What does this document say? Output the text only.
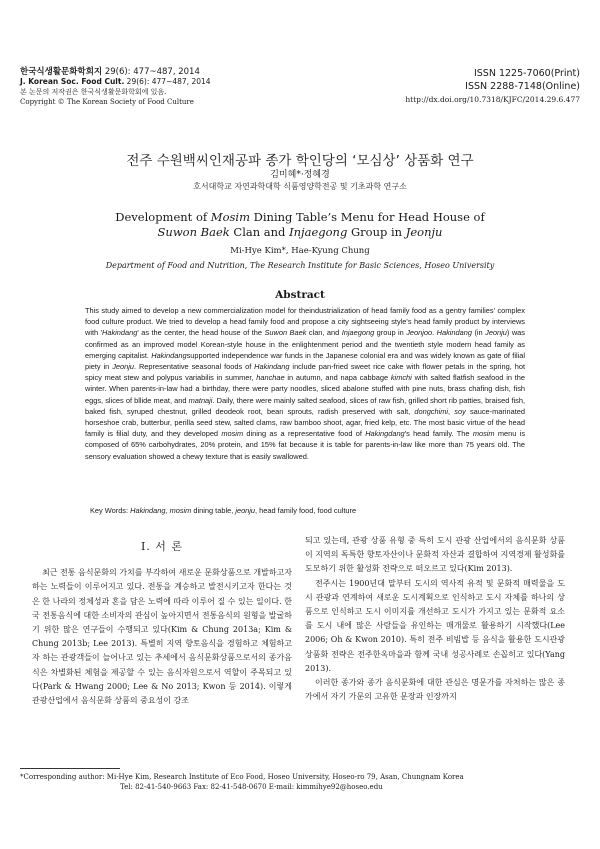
한국식생활문화학회지 29(6): 477~487, 2014
J. Korean Soc. Food Cult. 29(6): 477~487, 2014
본 논문의 저작권은 한국식생활문화학회에 있음.
Copyright © The Korean Society of Food Culture
ISSN 1225-7060(Print)
ISSN 2288-7148(Online)
http://dx.doi.org/10.7318/KJFC/2014.29.6.477
전주 수원백씨인재공파 종가 학인당의 ‘모심상’ 상품화 연구
김미혜*·정혜경
호서대학교 자연과학대학 식품영양학전공 및 기초과학 연구소
Development of Mosim Dining Table’s Menu for Head House of
Suwon Baek Clan and Injaegong Group in Jeonju
Mi-Hye Kim*, Hae-Kyung Chung
Department of Food and Nutrition, The Research Institute for Basic Sciences, Hoseo University
Abstract

This study aimed to develop a new commercialization model for theindustrialization of head family food as a gentry families' complex food culture product. We tried to develop a head family food and propose a city sightseeing style's head family product by interviews with 'Hakindang' as the center, the head house of the Suwon Baek clan, and Injaegong group in Jeonjoo. Hakindang (in Jeonju) was confirmed as an improved model Korean-style house in the enlightenment period and the twentieth style modern head family as emerging capitalist. Hakindangsupported independence war funds in the Japanese colonial era and was widely known as gate of filial piety in Jeonju. Representative seasonal foods of Hakindang include pan-fried sweet rice cake with flower petals in the spring, hot spicy meat stew and polypus variabilis in summer, hanchae in autumn, and napa cabbage kimchi with salted flatfish seafood in the winter. When parents-in-law had a birthday, there were party noodles, sliced abalone stuffed with pine nuts, brass chafing dish, fish eggs, slices of bllide meat, and matnaji. Daily, there were mainly salted seafood, slices of raw fish, grilled short rib patties, braised fish, baked fish, syruped chestnut, grilled deodeok root, bean sprouts, radish preserved with salt, dongchimi, soy sauce-marinated horseshoe crab, butterbur, perilla seed stew, salted clams, raw bamboo shoot, agar, fried kelp, etc. The most basic virtue of the head family is filial duty, and they developed mosim dining as a representative food of Hakingdang's head family. The mosim menu is composed of 65% carbohydrates, 20% protein, and 15% fat because it is table for parents-in-law like more than 75 years old. The sensory evaluation showed a chewy texture that is easily swallowed.

Key Words: Hakindang, mosim dining table, jeonju, head family food, food culture
Ⅰ. 서 론

최근 전통 음식문화의 가치를 부각하여 새로운 문화상품으로 개발하고자 하는 노력들이 이루어지고 있다. 전통을 계승하고 발전시키고자 한다는 것은 한 나라의 정체성과 혼을 담은 노력에 따라 이루어 질 수 있는 일이다. 한국 전통음식에 대한 소비자의 관심이 높아지면서 전통음식의 원형을 발굴하기 위한 많은 연구들이 수행되고 있다(Kim & Chung 2013a; Kim & Chung 2013b; Lee 2013). 특별히 지역 향토음식을 경험하고 체험하고자 하는 관광객들이 늘어나고 있는 추세에서 음식문화상품으로서의 종가음식은 차별화된 체험을 제공할 수 있는 음식자원으로서 역할이 주목되고 있다(Park & Hwang 2000; Lee & No 2013; Kwon 등 2014). 이렇게 관광산업에서 음식문화 상품의 중요성이 강조

되고 있는데, 관광 상품 유형 중 특히 도시 관광 산업에서의 음식문화 상품이 지역의 독특한 향토자산이나 문화적 자산과 결합하여 지역경제 활성화를 도모하기 위한 활성화 전략으로 떠오르고 있다(Kim 2013).

전주시는 1900년대 말부터 도시의 역사적 유적 및 문화적 매력물을 도시 관광과 연계하여 새로운 도시계획으로 인식하고 도시 자체를 하나의 상품으로 인식하고 도시 이미지를 개선하고 도시가 가지고 있는 문화적 요소를 도시 내에 많은 사람들을 유인하는 매개물로 활용하기 시작했다(Lee 2006; Oh & Kwon 2010). 특히 전주 비빔밥 등 음식을 활용한 도시관광 상품화 전략은 전주한옥마을과 함께 국내 성공사례로 손꼽히고 있다(Yang 2013).

이러한 종가와 종가 음식문화에 대한 관심은 명문가를 자처하는 많은 종가에서 자기 가문의 고유한 문장과 인장까지

*Corresponding author: Mi-Hye Kim, Research Institute of Eco Food, Hoseo University, Hoseo-ro 79, Asan, Chungnam Korea
Tel: 82-41-540-9663 Fax: 82-41-548-0670 E-mail: kimmihye92@hoseo.edu
